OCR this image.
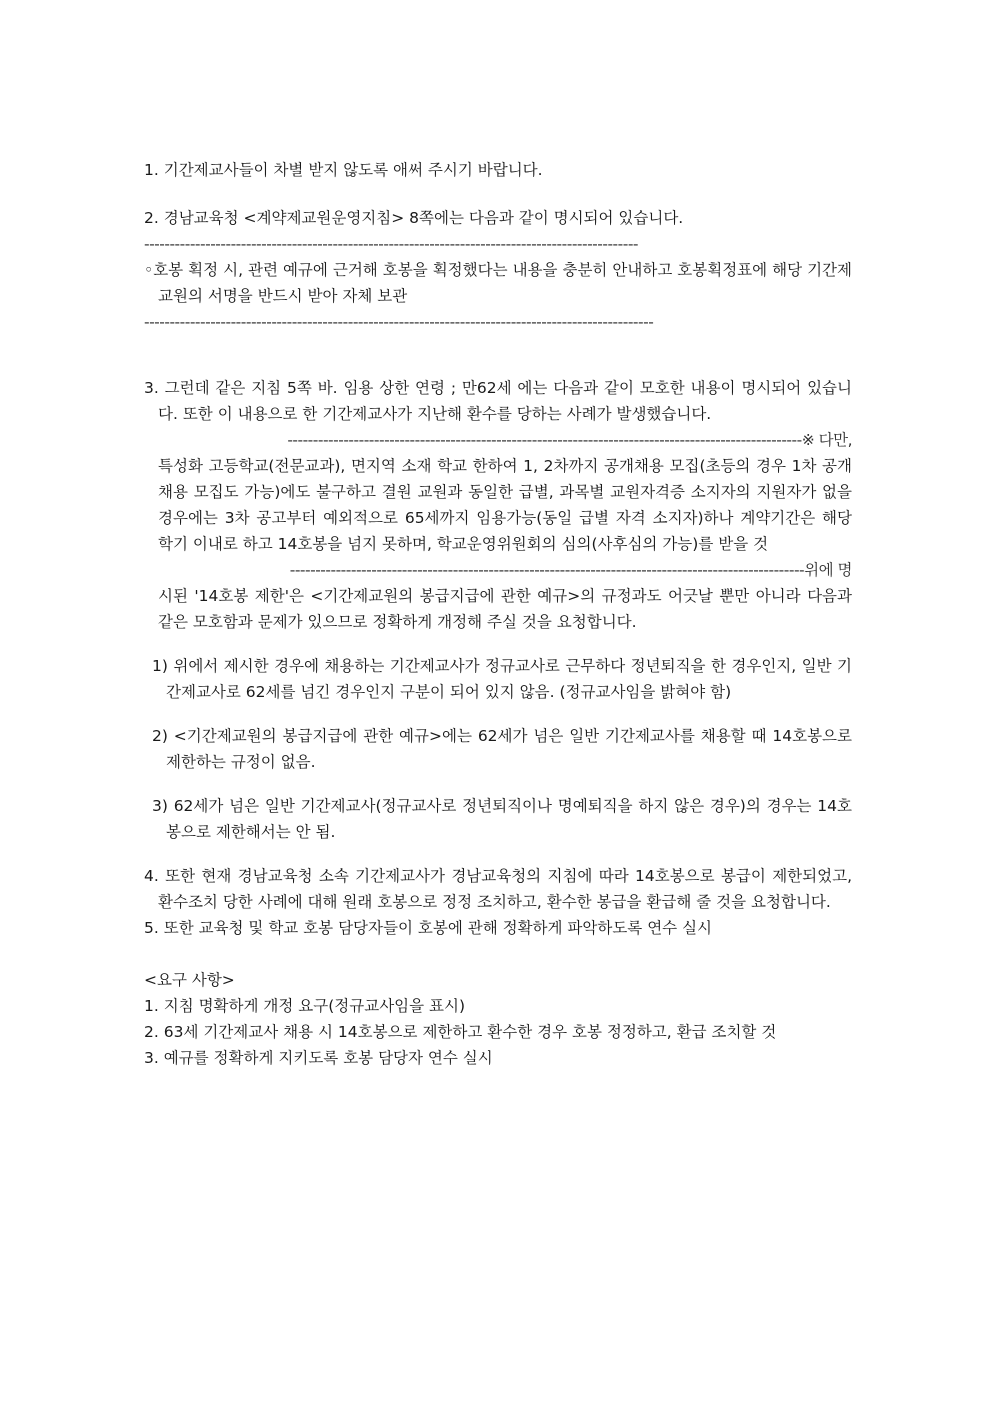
1. 기간제교사들이 차별 받지 않도록 애써 주시기 바랍니다.

2. 경남교육청 <계약제교원운영지침> 8쪽에는 다음과 같이 명시되어 있습니다.

-------------------------------------------------------------------------------------------------

◦호봉 획정 시, 관련 예규에 근거해 호봉을 획정했다는 내용을 충분히 안내하고 호봉획정표에 해당 기간제교원의 서명을 반드시 받아 자체 보관

----------------------------------------------------------------------------------------------------

3. 그런데 같은 지침 5쪽 바. 임용 상한 연령 ; 만62세 에는 다음과 같이 모호한 내용이 명시되어 있습니다. 또한 이 내용으로 한 기간제교사가 지난해 환수를 당하는 사례가 발생했습니다.

-----------------------------------------------------------------------------------------------------※ 다만,

특성화 고등학교(전문교과), 면지역 소재 학교 한하여 1, 2차까지 공개채용 모집(초등의 경우 1차 공개채용 모집도 가능)에도 불구하고 결원 교원과 동일한 급별, 과목별 교원자격증 소지자의 지원자가 없을 경우에는 3차 공고부터 예외적으로 65세까지 임용가능(동일 급별 자격 소지자)하나 계약기간은 해당 학기 이내로 하고 14호봉을 넘지 못하며, 학교운영위원회의 심의(사후심의 가능)를 받을 것

-----------------------------------------------------------------------------------------------------위에 명

시된 '14호봉 제한'은 <기간제교원의 봉급지급에 관한 예규>의 규정과도 어긋날 뿐만 아니라 다음과 같은 모호함과 문제가 있으므로 정확하게 개정해 주실 것을 요청합니다.

1) 위에서 제시한 경우에 채용하는 기간제교사가 정규교사로 근무하다 정년퇴직을 한 경우인지, 일반 기간제교사로 62세를 넘긴 경우인지 구분이 되어 있지 않음. (정규교사임을 밝혀야 함)

2) <기간제교원의 봉급지급에 관한 예규>에는 62세가 넘은 일반 기간제교사를 채용할 때 14호봉으로 제한하는 규정이 없음.

3) 62세가 넘은 일반 기간제교사(정규교사로 정년퇴직이나 명예퇴직을 하지 않은 경우)의 경우는 14호봉으로 제한해서는 안 됨.

4. 또한 현재 경남교육청 소속 기간제교사가 경남교육청의 지침에 따라 14호봉으로 봉급이 제한되었고, 환수조치 당한 사례에 대해 원래 호봉으로 정정 조치하고, 환수한 봉급을 환급해 줄 것을 요청합니다.

5. 또한 교육청 및 학교 호봉 담당자들이 호봉에 관해 정확하게 파악하도록 연수 실시

<요구 사항>

1. 지침 명확하게 개정 요구(정규교사임을 표시)

2. 63세 기간제교사 채용 시 14호봉으로 제한하고 환수한 경우 호봉 정정하고, 환급 조치할 것

3. 예규를 정확하게 지키도록 호봉 담당자 연수 실시
